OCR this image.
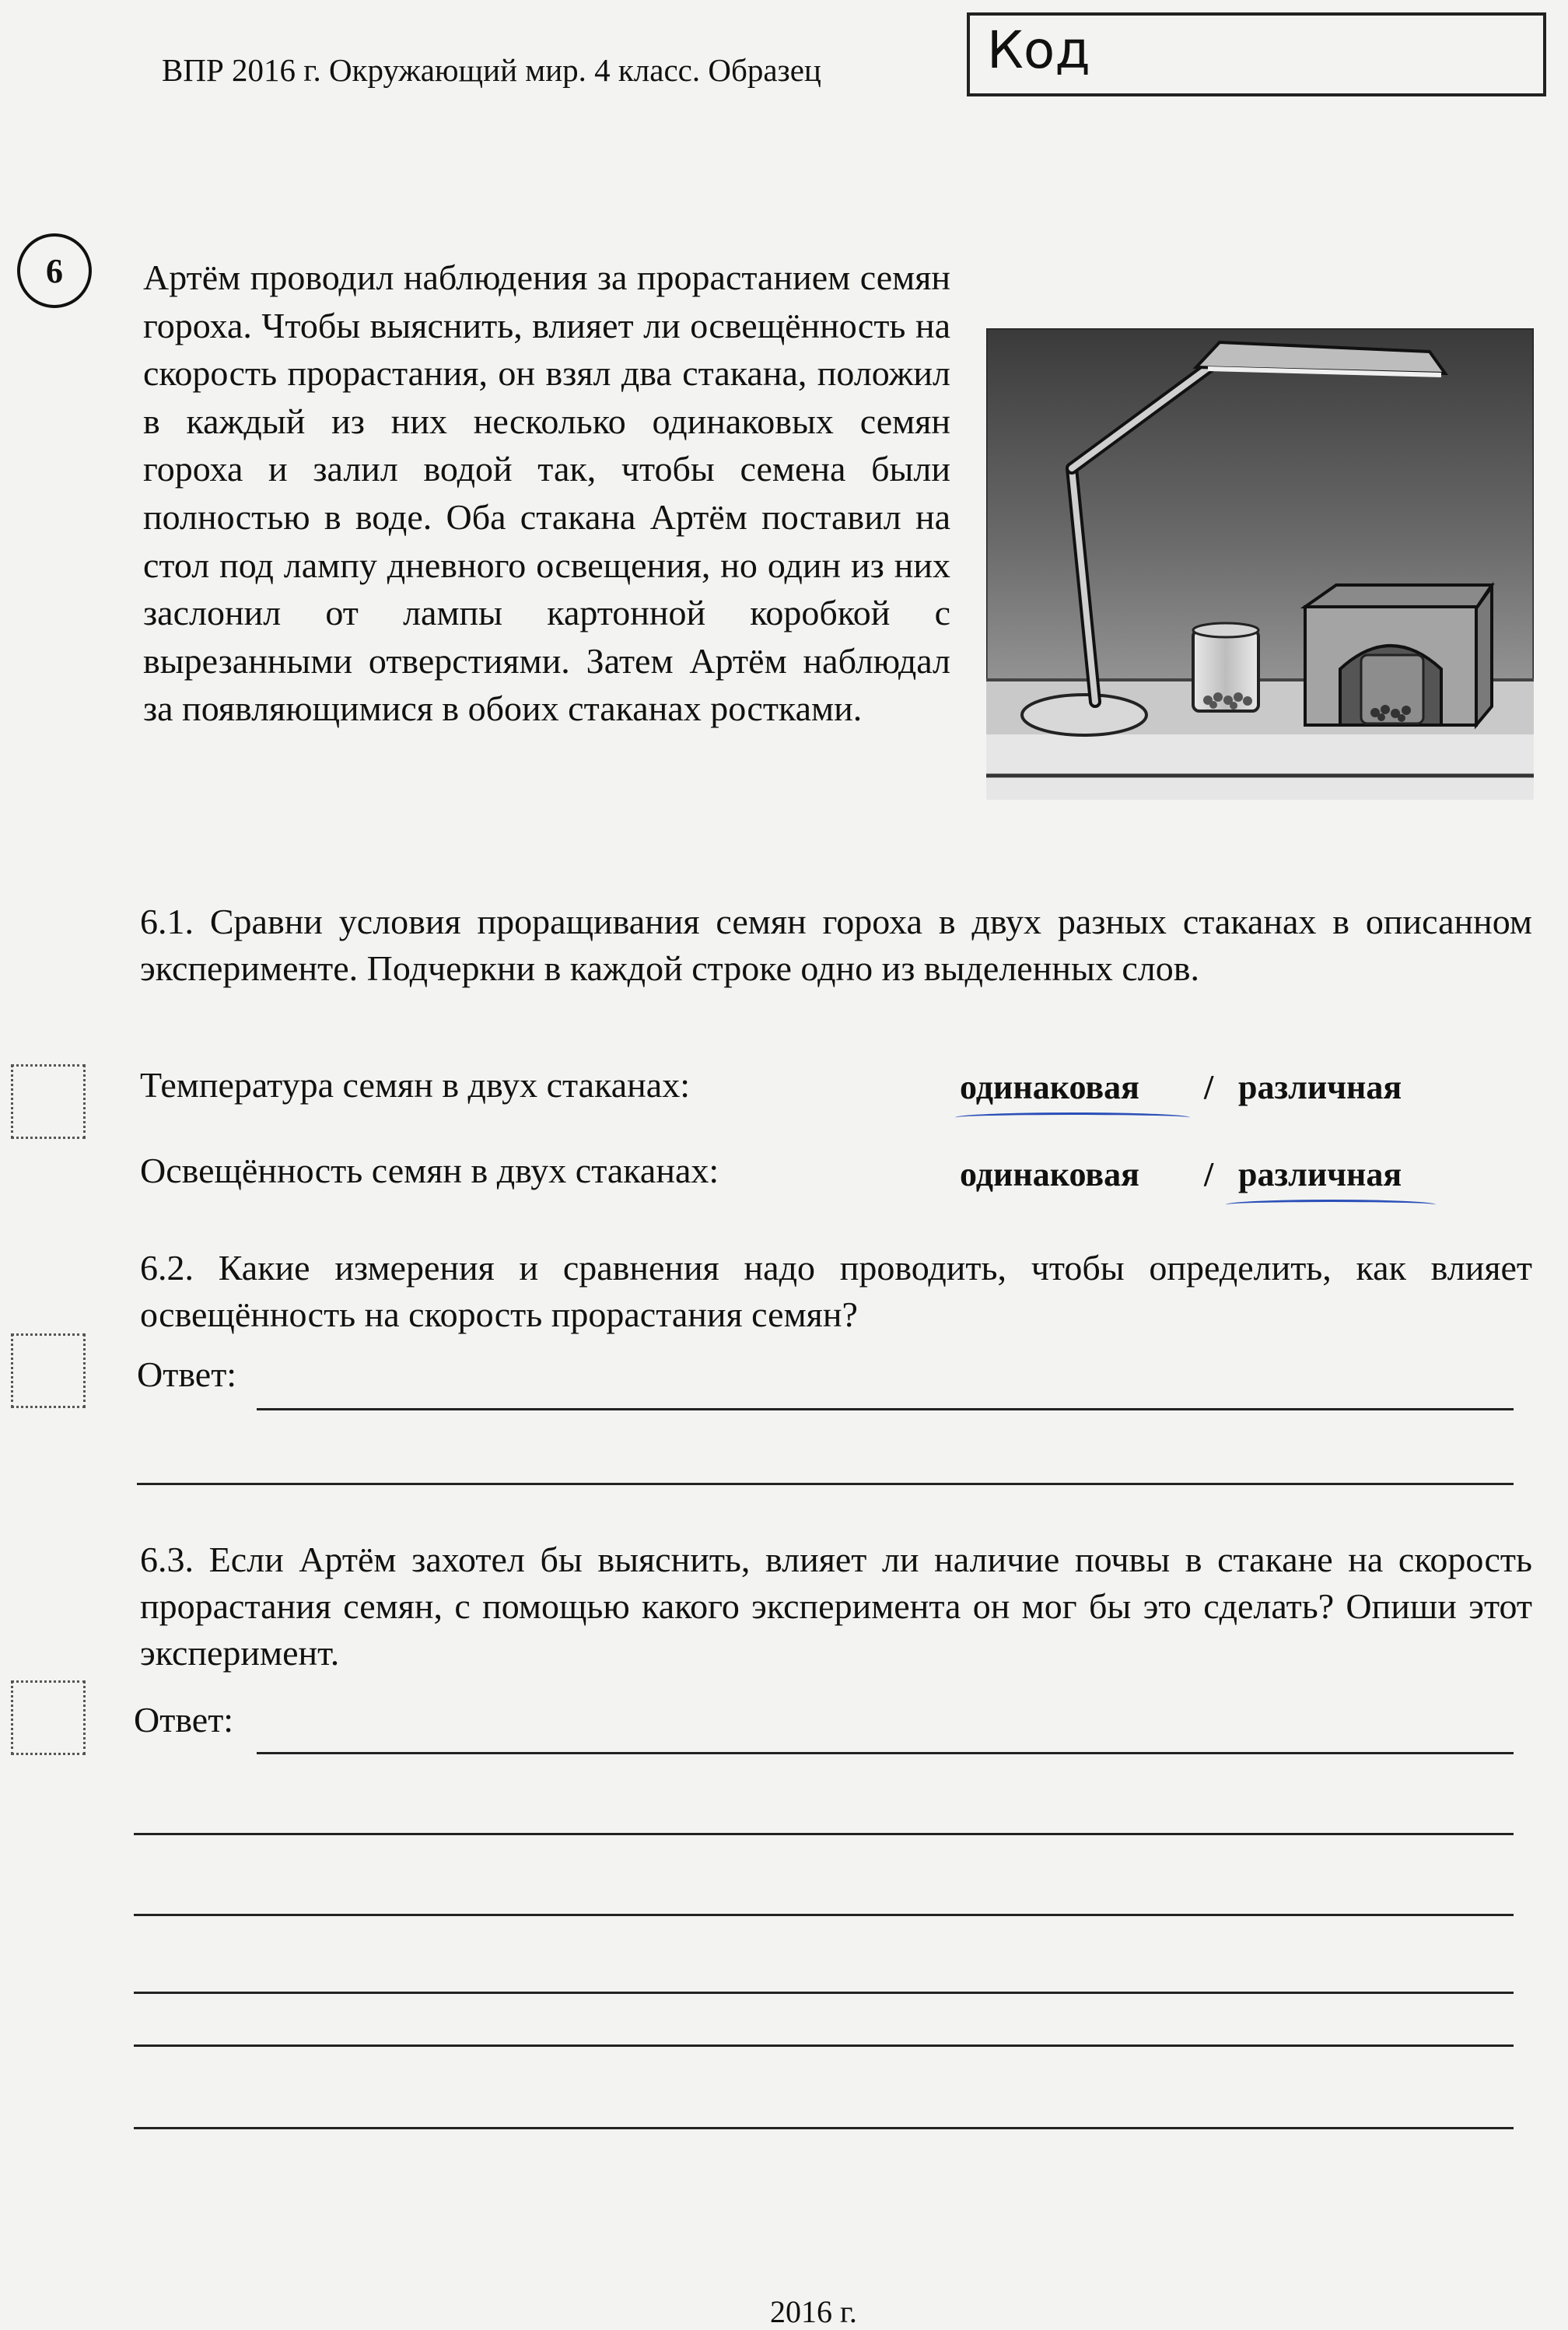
ВПР 2016 г. Окружающий мир. 4 класс. Образец	Код
6 Артём проводил наблюдения за прорастанием семян гороха. Чтобы выяснить, влияет ли освещённость на скорость прорастания, он взял два стакана, положил в каждый из них несколько одинаковых семян гороха и залил водой так, чтобы семена были полностью в воде. Оба стакана Артём поставил на стол под лампу дневного освещения, но один из них заслонил от лампы картонной коробкой с вырезанными отверстиями. Затем Артём наблюдал за появляющимися в обоих стаканах ростками.
6.1. Сравни условия проращивания семян гороха в двух разных стаканах в описанном эксперименте. Подчеркни в каждой строке одно из выделенных слов.
Температура семян в двух стаканах:	одинаковая / различная
Освещённость семян в двух стаканах:	одинаковая / различная
6.2. Какие измерения и сравнения надо проводить, чтобы определить, как влияет освещённость на скорость прорастания семян?
Ответ:
6.3. Если Артём захотел бы выяснить, влияет ли наличие почвы в стакане на скорость прорастания семян, с помощью какого эксперимента он мог бы это сделать? Опиши этот эксперимент.
Ответ:
2016 г.
